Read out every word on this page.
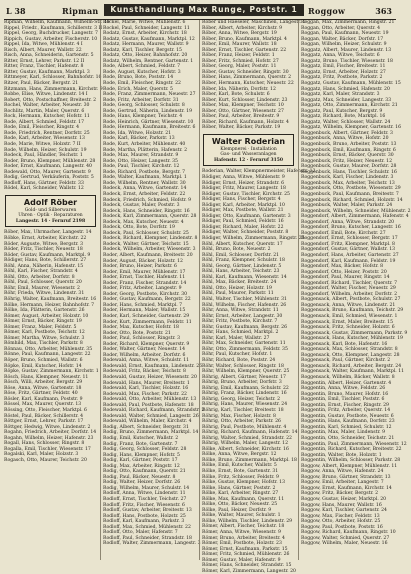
L 38	Ripman	Kunsthandlung Max Runge, Poststr. 1	Roggow	363
Ripman, Wilhelm, Kaufmann, Wilhelm-Str. 18
Rippel, Friedr., Kaufmann, Schillerstr. 3 II
Rippel, Georg, Buchdrucker, Langestr. 7
Rippich, Gustav, Arbeiter, Fischerstr. 10
Rippel, Ida, Witwe, Mühlenstr. 4 I
Risch, Albert, Maurer, Wallstr. 22
Risch, Anna, Schneiderin, Gartenstr. 5
Ritter, Ernst, Lehrer, Parkstr. 12 II
Ritter, Franz, Tischler, Hafenstr. 8
Ritter, Gustav, Kaufmann, Marktpl. 3
Rittmeyer, Karl, Schlosser, Bahnhofstr. 16
Ritzer, Paul, Bäcker, Bergstr. 21
Ritzmann, Hans, Zimmermann, Kirchstr. 9
Robbe, Elise, Witwe, Lindenstr. 14 I
Robert, Otto, Postschaffner, Breitestr. 2
Rochel, Walter, Arbeiter, Neuestr. 30
Rochlitz, Martin, Maler, Querstr. 6
Rock, Hermann, Kutscher, Hofstr. 11
Rode, Albert, Schmied, Feldstr. 17
Rode, Emil, Fleischer, Ringstr. 4
Rode, Friedrich, Rentner, Dorfstr. 25
Rode, Karl, Arbeiter, Wiesenstr. 13
Rode, Marie, Witwe, Holzstr. 7 II
Rode, Wilhelm, Heizer, Schulstr. 19
Rodeck, Paul, Händler, Teichstr. 1
Roder, Bruno, Klempner, Mühlenstr. 28
Roder, Ernst, Kaufmann, Langestr. 40
Rodewald, Otto, Maurer, Gartenstr. 9
Rodig, Gertrud, Verkäuferin, Poststr. 5
Rodloff, Hans, Gärtner, Feldstr. 33
Rödel, Karl, Schneider, Wallstr. 12
Adolf Röber
Gold- und Silberwaren
Uhren · Optik · Reparaturen
Langestr. 14 · Fernruf 2198
Röber, Max, Uhrmacher, Langestr. 14
Röbke, Ernst, Arbeiter, Kirchstr. 22
Röder, Auguste, Witwe, Bergstr. 3
Röder, Fritz, Tischler, Neuestr. 18
Röder, Gustav, Kaufmann, Marktpl. 9
Rödiger, Hans, Bote, Schillerstr. 27
Röhl, Anna, Näherin, Hafenstr. 15
Röhl, Karl, Fischer, Strandstr. 4
Röhl, Otto, Arbeiter, Dorfstr. 8
Röhl, Paul, Schlosser, Querstr. 20
Röhr, Emil, Maurer, Wiesenstr. 2
Röhr, Frieda, Witwe, Lindenstr. 31
Röhrig, Walter, Kaufmann, Breitestr. 16
Rölke, Hermann, Heizer, Bahnhofstr. 7
Rölke, Ida, Plätterin, Gartenstr. 26
Römer, August, Arbeiter, Holzstr. 10
Römer, Ernst, Bäcker, Ringstr. 19
Römer, Franz, Maler, Feldstr. 5
Römer, Karl, Postbote, Teichstr. 12
Römer, Martha, Witwe, Schulstr. 3
Römhild, Max, Tischler, Parkstr. 8
Rönnau, Otto, Arbeiter, Mühlenstr. 35
Rönne, Paul, Kaufmann, Langestr. 22
Röper, Bruno, Schmied, Wallstr. 6
Röpke, Emil, Kutscher, Hofstr. 14
Röpke, Gustav, Zimmermann, Kirchstr. 1
Rösch, Hans, Klempner, Neuestr. 11
Rösch, Willi, Arbeiter, Bergstr. 29
Röse, Anna, Witwe, Gartenstr. 18
Röse, Fritz, Gärtner, Feldstr. 40
Rösler, Karl, Kaufmann, Poststr. 9
Rössel, Max, Maurer, Querstr. 13
Rössing, Otto, Fleischer, Marktpl. 6
Röstel, Paul, Bäcker, Schillerstr. 4
Röttger, Ernst, Lehrer, Parkstr. 17
Röttger, Hedwig, Witwe, Lindenstr. 2
Rogahn, Friedrich, Arbeiter, Dorfstr. 14
Rogahn, Wilhelm, Heizer, Hafenstr. 23
Rogall, Hans, Schlosser, Ringstr. 8
Rogalla, Emil, Tischler, Wiesenstr. 17
Rogalski, Karl, Maler, Holzstr. 3
Rogasch, Otto, Maurer, Teichstr. 20
Rockel, Marie, Witwe, Mühlenstr. 6
Rockel, Paul, Schneider, Langestr. 11
Rodatz, Ernst, Arbeiter, Kirchstr. 18
Rodatz, Gustav, Kaufmann, Marktpl. 12
Rodatz, Hermann, Maurer, Wallstr. 9
Rodatz, Karl, Tischler, Bergstr. 15
Rodatz, Otto, Heizer, Bahnhofstr. 20
Rodatz, Wilhelm, Rentner, Gartenstr. 1
Rode, Albert, Schmied, Feldstr. 7
Rode, August, Kutscher, Hofstr. 3
Rode, Bruno, Bote, Poststr. 14
Rode, Emil, Fleischer, Ringstr. 22
Rode, Erich, Maler, Querstr. 5
Rode, Franz, Zimmermann, Neuestr. 27
Rode, Fritz, Arbeiter, Dorfstr. 31
Rode, Georg, Schlosser, Schulstr. 8
Rode, Gertrud, Näherin, Lindenstr. 19
Rode, Hans, Klempner, Teichstr. 4
Rode, Heinrich, Gärtner, Wiesenstr. 10
Rode, Hermann, Kaufmann, Breitestr. 6
Rode, Ida, Witwe, Holzstr. 21
Rode, Karl, Bäcker, Parkstr. 13
Rode, Kurt, Arbeiter, Mühlenstr. 40
Rode, Martha, Plätterin, Hafenstr. 2
Rode, Max, Maurer, Strandstr. 9
Rode, Otto, Heizer, Langestr. 35
Rode, Paul, Tischler, Kirchstr. 12
Rode, Richard, Postbote, Bergstr. 7
Rode, Walter, Kaufmann, Marktpl. 1
Rode, Wilhelm, Rentner, Wallstr. 30
Rodeck, Anna, Witwe, Gartenstr. 14
Rodeck, Ernst, Arbeiter, Feldstr. 22
Rodeck, Friedrich, Schmied, Hofstr. 9
Rodeck, Gustav, Maler, Poststr. 3
Rodeck, Hans, Schneider, Ringstr. 16
Rodeck, Karl, Zimmermann, Querstr. 28
Rodeck, Max, Kutscher, Neuestr. 4
Rodeck, Otto, Bote, Dorfstr. 19
Rodeck, Paul, Schlosser, Schulstr. 25
Rodeck, Richard, Klempner, Lindenstr. 8
Rodeck, Walter, Gärtner, Teichstr. 15
Rodeck, Wilhelm, Arbeiter, Wiesenstr. 3
Roder, Albert, Kaufmann, Breitestr. 20
Roder, August, Bäcker, Holzstr. 12
Roder, Bruno, Heizer, Parkstr. 6
Roder, Emil, Maurer, Mühlenstr. 17
Roder, Ernst, Tischler, Hafenstr. 11
Roder, Franz, Fischer, Strandstr. 14
Roder, Fritz, Arbeiter, Langestr. 9
Roder, Georg, Postbote, Kirchstr. 30
Roder, Gustav, Kaufmann, Bergstr. 22
Roder, Hans, Schmied, Marktpl. 7
Roder, Hermann, Maler, Wallstr. 15
Roder, Karl, Schneider, Gartenstr. 29
Roder, Kurt, Zimmermann, Feldstr. 11
Roder, Max, Kutscher, Hofstr. 18
Roder, Otto, Bote, Poststr. 21
Roder, Paul, Schlosser, Ringstr. 3
Roder, Richard, Klempner, Querstr. 9
Roder, Walter, Gärtner, Neuestr. 14
Roder, Wilhelm, Arbeiter, Dorfstr. 6
Rodewald, Anna, Witwe, Schulstr. 11
Rodewald, Ernst, Kaufmann, Lindenstr. 26
Rodewald, Fritz, Bäcker, Teichstr. 8
Rodewald, Gustav, Heizer, Wiesenstr. 20
Rodewald, Hans, Maurer, Breitestr. 1
Rodewald, Karl, Tischler, Holzstr. 16
Rodewald, Max, Fischer, Parkstr. 22
Rodewald, Otto, Arbeiter, Mühlenstr. 13
Rodewald, Paul, Postbote, Hafenstr. 18
Rodewald, Richard, Kaufmann, Strandstr. 2
Rodewald, Walter, Schmied, Langestr. 26
Rodewald, Wilhelm, Maler, Kirchstr. 4
Rodig, Albert, Schneider, Bergstr. 31
Rodig, Bruno, Zimmermann, Marktpl. 14
Rodig, Emil, Kutscher, Wallstr. 2
Rodig, Franz, Bote, Gartenstr. 7
Rodig, Georg, Schlosser, Feldstr. 28
Rodig, Hans, Klempner, Hofstr. 5
Rodig, Karl, Gärtner, Poststr. 17
Rodig, Max, Arbeiter, Ringstr. 12
Rodig, Otto, Kaufmann, Querstr. 21
Rodig, Paul, Bäcker, Neuestr. 8
Rodig, Walter, Heizer, Dorfstr. 26
Rodig, Wilhelm, Maurer, Schulstr. 14
Rodloff, Anna, Witwe, Lindenstr. 11
Rodloff, Ernst, Tischler, Teichstr. 27
Rodloff, Fritz, Fischer, Wiesenstr. 6
Rodloff, Gustav, Arbeiter, Breitestr. 13
Rodloff, Hans, Postbote, Holzstr. 25
Rodloff, Karl, Kaufmann, Parkstr. 3
Rodloff, Max, Schmied, Mühlenstr. 22
Rodloff, Otto, Maler, Hafenstr. 7
Rodloff, Paul, Schneider, Strandstr. 18
Rodloff, Walter, Zimmermann, Langestr. 3
Röber und Haeseler, Maschinen, Langestr. 5
Röber, Albert, Arbeiter, Kirchstr. 9
Röber, Anna, Witwe, Bergstr. 19
Röber, Bruno, Kaufmann, Marktpl. 4
Röber, Emil, Maurer, Wallstr. 18
Röber, Ernst, Tischler, Gartenstr. 22
Röber, Franz, Heizer, Feldstr. 1
Röber, Fritz, Schmied, Hofstr. 27
Röber, Georg, Maler, Poststr. 11
Röber, Gustav, Schneider, Ringstr. 30
Röber, Hans, Zimmermann, Querstr. 2
Röber, Hermann, Kutscher, Neuestr. 22
Röber, Ida, Näherin, Dorfstr. 12
Röber, Karl, Bote, Schulstr. 6
Röber, Kurt, Schlosser, Lindenstr. 23
Röber, Max, Klempner, Teichstr. 10
Röber, Otto, Gärtner, Wiesenstr. 27
Röber, Paul, Arbeiter, Breitestr. 9
Röber, Richard, Kaufmann, Holzstr. 4
Röber, Walter, Bäcker, Parkstr. 19
Walter Roderian
Klempnerei · Installation
Gas- und Wasseranlagen
Hafenstr. 12 · Fernruf 3150
Roderian, Walter, Klempnermeister, Hafenstr. 12
Rödiger, Anna, Witwe, Mühlenstr. 9
Rödiger, Ernst, Heizer, Strandstr. 6
Rödiger, Fritz, Maurer, Langestr. 18
Rödiger, Gustav, Tischler, Kirchstr. 25
Rödiger, Hans, Fischer, Bergstr. 4
Rödiger, Karl, Arbeiter, Marktpl. 10
Rödiger, Max, Postbote, Wallstr. 21
Rödiger, Otto, Kaufmann, Gartenstr. 3
Rödiger, Paul, Schmied, Feldstr. 16
Rödiger, Richard, Maler, Hofstr. 22
Rödiger, Walter, Schneider, Poststr. 8
Rödiger, Wilhelm, Zimmermann, Ringstr. 25
Röhl, Albert, Kutscher, Querstr. 17
Röhl, Bruno, Bote, Neuestr. 2
Röhl, Emil, Schlosser, Dorfstr. 21
Röhl, Franz, Klempner, Schulstr. 18
Röhl, Georg, Gärtner, Lindenstr. 5
Röhl, Hans, Arbeiter, Teichstr. 23
Röhl, Karl, Kaufmann, Wiesenstr. 14
Röhl, Max, Bäcker, Breitestr. 24
Röhl, Otto, Heizer, Holzstr. 19
Röhl, Paul, Maurer, Parkstr. 11
Röhl, Walter, Tischler, Mühlenstr. 31
Röhl, Wilhelm, Fischer, Hafenstr. 26
Röhr, Anna, Witwe, Strandstr. 11
Röhr, Ernst, Arbeiter, Langestr. 30
Röhr, Fritz, Postbote, Kirchstr. 7
Röhr, Gustav, Kaufmann, Bergstr. 26
Röhr, Hans, Schmied, Marktpl. 2
Röhr, Karl, Maler, Wallstr. 27
Röhr, Max, Schneider, Gartenstr. 11
Röhr, Otto, Zimmermann, Feldstr. 35
Röhr, Paul, Kutscher, Hofstr. 1
Röhr, Richard, Bote, Poststr. 24
Röhr, Walter, Schlosser, Ringstr. 18
Röhr, Wilhelm, Klempner, Querstr. 25
Röhrig, Albert, Gärtner, Neuestr. 17
Röhrig, Bruno, Arbeiter, Dorfstr. 3
Röhrig, Emil, Kaufmann, Schulstr. 22
Röhrig, Franz, Bäcker, Lindenstr. 16
Röhrig, Georg, Heizer, Teichstr. 2
Röhrig, Hans, Maurer, Wiesenstr. 24
Röhrig, Karl, Tischler, Breitestr. 18
Röhrig, Max, Fischer, Holzstr. 8
Röhrig, Otto, Arbeiter, Parkstr. 26
Röhrig, Paul, Postbote, Mühlenstr. 4
Röhrig, Richard, Kaufmann, Hafenstr. 14
Röhrig, Walter, Schmied, Strandstr. 22
Röhrig, Wilhelm, Maler, Langestr. 12
Rölke, Albert, Schneider, Kirchstr. 16
Rölke, Anna, Witwe, Bergstr. 12
Rölke, Bruno, Zimmermann, Marktpl. 18
Rölke, Emil, Kutscher, Wallstr. 5
Rölke, Ernst, Bote, Gartenstr. 31
Rölke, Fritz, Schlosser, Feldstr. 9
Rölke, Gustav, Klempner, Hofstr. 13
Rölke, Hans, Gärtner, Poststr. 2
Rölke, Karl, Arbeiter, Ringstr. 27
Rölke, Max, Kaufmann, Querstr. 11
Rölke, Otto, Bäcker, Neuestr. 25
Rölke, Paul, Heizer, Dorfstr. 9
Rölke, Walter, Maurer, Schulstr. 1
Rölke, Wilhelm, Tischler, Lindenstr. 29
Römer, Albert, Fischer, Teichstr. 18
Römer, Anna, Witwe, Wiesenstr. 9
Römer, Bruno, Arbeiter, Breitestr. 4
Römer, Emil, Postbote, Holzstr. 23
Römer, Ernst, Kaufmann, Parkstr. 15
Römer, Fritz, Schmied, Mühlenstr. 26
Römer, Gustav, Maler, Hafenstr. 9
Römer, Hans, Schneider, Strandstr. 15
Römer, Karl, Zimmermann, Langestr. 20
Roggan, Max, Zimmermann, Ringstr. 21
Roggan, Otto, Arbeiter, Querstr. 4
Roggan, Paul, Kaufmann, Neuestr. 19
Roggan, Walter, Bäcker, Dorfstr. 17
Roggan, Wilhelm, Heizer, Schulstr. 9
Roggatz, Albert, Maurer, Lindenstr. 13
Roggatz, Anna, Witwe, Teichstr. 6
Roggatz, Bruno, Tischler, Wiesenstr. 18
Roggatz, Emil, Fischer, Breitestr. 11
Roggatz, Ernst, Arbeiter, Holzstr. 27
Roggatz, Fritz, Postbote, Parkstr. 2
Roggatz, Gustav, Kaufmann, Mühlenstr. 15
Roggatz, Hans, Schmied, Hafenstr. 20
Roggatz, Karl, Maler, Strandstr. 3
Roggatz, Max, Schneider, Langestr. 33
Roggatz, Otto, Zimmermann, Kirchstr. 21
Roggatz, Paul, Kutscher, Bergstr. 9
Roggatz, Richard, Bote, Marktpl. 16
Roggatz, Walter, Schlosser, Wallstr. 24
Roggatz, Wilhelm, Klempner, Gartenstr. 16
Roggenbuck, Albert, Gärtner, Feldstr. 3
Roggenbuck, Anna, Witwe, Hofstr. 20
Roggenbuck, Bruno, Arbeiter, Poststr. 13
Roggenbuck, Emil, Kaufmann, Ringstr. 6
Roggenbuck, Ernst, Bäcker, Querstr. 30
Roggenbuck, Fritz, Heizer, Neuestr. 12
Roggenbuck, Gustav, Maurer, Dorfstr. 28
Roggenbuck, Hans, Tischler, Schulstr. 16
Roggenbuck, Karl, Fischer, Lindenstr. 3
Roggenbuck, Max, Arbeiter, Teichstr. 13
Roggenbuck, Otto, Postbote, Wiesenstr. 29
Roggenbuck, Paul, Kaufmann, Breitestr. 7
Roggenbuck, Richard, Schmied, Holzstr. 14
Roggenbuck, Walter, Maler, Parkstr. 24
Roggenbuck, Wilhelm, Schneider, Mühlenstr. 2
Roggendorf, Albert, Zimmermann, Hafenstr. 4
Roggendorf, Anna, Witwe, Strandstr. 20
Roggendorf, Bruno, Kutscher, Langestr. 16
Roggendorf, Emil, Bote, Kirchstr. 27
Roggendorf, Ernst, Schlosser, Bergstr. 17
Roggendorf, Fritz, Klempner, Marktpl. 8
Roggendorf, Gustav, Gärtner, Wallstr. 13
Roggendorf, Hans, Arbeiter, Gartenstr. 27
Roggendorf, Karl, Kaufmann, Feldstr. 19
Roggendorf, Max, Bäcker, Hofstr. 8
Roggendorf, Otto, Heizer, Poststr. 20
Roggendorf, Paul, Maurer, Ringstr. 14
Roggendorf, Richard, Tischler, Querstr. 7
Roggendorf, Walter, Fischer, Neuestr. 29
Roggendorf, Wilhelm, Arbeiter, Dorfstr. 2
Roggensack, Albert, Postbote, Schulstr. 27
Roggensack, Anna, Witwe, Lindenstr. 21
Roggensack, Bruno, Kaufmann, Teichstr. 29
Roggensack, Emil, Schmied, Wiesenstr. 1
Roggensack, Ernst, Maler, Breitestr. 15
Roggensack, Fritz, Schneider, Holzstr. 6
Roggensack, Gustav, Zimmermann, Parkstr. 9
Roggensack, Hans, Kutscher, Mühlenstr. 19
Roggensack, Karl, Bote, Hafenstr. 16
Roggensack, Max, Schlosser, Strandstr. 8
Roggensack, Otto, Klempner, Langestr. 28
Roggensack, Paul, Gärtner, Kirchstr. 2
Roggensack, Richard, Arbeiter, Bergstr. 24
Roggensack, Walter, Kaufmann, Marktpl. 11
Roggensack, Wilhelm, Bäcker, Wallstr. 8
Roggentin, Albert, Heizer, Gartenstr. 4
Roggentin, Anna, Witwe, Feldstr. 26
Roggentin, Bruno, Maurer, Hofstr. 16
Roggentin, Emil, Tischler, Poststr. 6
Roggentin, Ernst, Fischer, Ringstr. 29
Roggentin, Fritz, Arbeiter, Querstr. 14
Roggentin, Gustav, Postbote, Neuestr. 6
Roggentin, Hans, Kaufmann, Dorfstr. 23
Roggentin, Karl, Schmied, Schulstr. 12
Roggentin, Max, Maler, Lindenstr. 9
Roggentin, Otto, Schneider, Teichstr. 21
Roggentin, Paul, Zimmermann, Wiesenstr. 12
Roggentin, Richard, Kutscher, Breitestr. 22
Roggentin, Walter, Bote, Holzstr. 1
Roggentin, Wilhelm, Schlosser, Parkstr. 28
Roggow, Albert, Klempner, Mühlenstr. 11
Roggow, Anna, Witwe, Hafenstr. 24
Roggow, Bruno, Gärtner, Strandstr. 13
Roggow, Emil, Arbeiter, Langestr. 7
Roggow, Ernst, Kaufmann, Kirchstr. 14
Roggow, Fritz, Bäcker, Bergstr. 2
Roggow, Gustav, Heizer, Marktpl. 20
Roggow, Hans, Maurer, Wallstr. 16
Roggow, Karl, Tischler, Gartenstr. 24
Roggow, Max, Fischer, Feldstr. 13
Roggow, Otto, Arbeiter, Hofstr. 25
Roggow, Paul, Postbote, Poststr. 16
Roggow, Richard, Kaufmann, Ringstr. 10
Roggow, Walter, Schmied, Querstr. 27
Roggow, Wilhelm, Maler, Neuestr. 16
